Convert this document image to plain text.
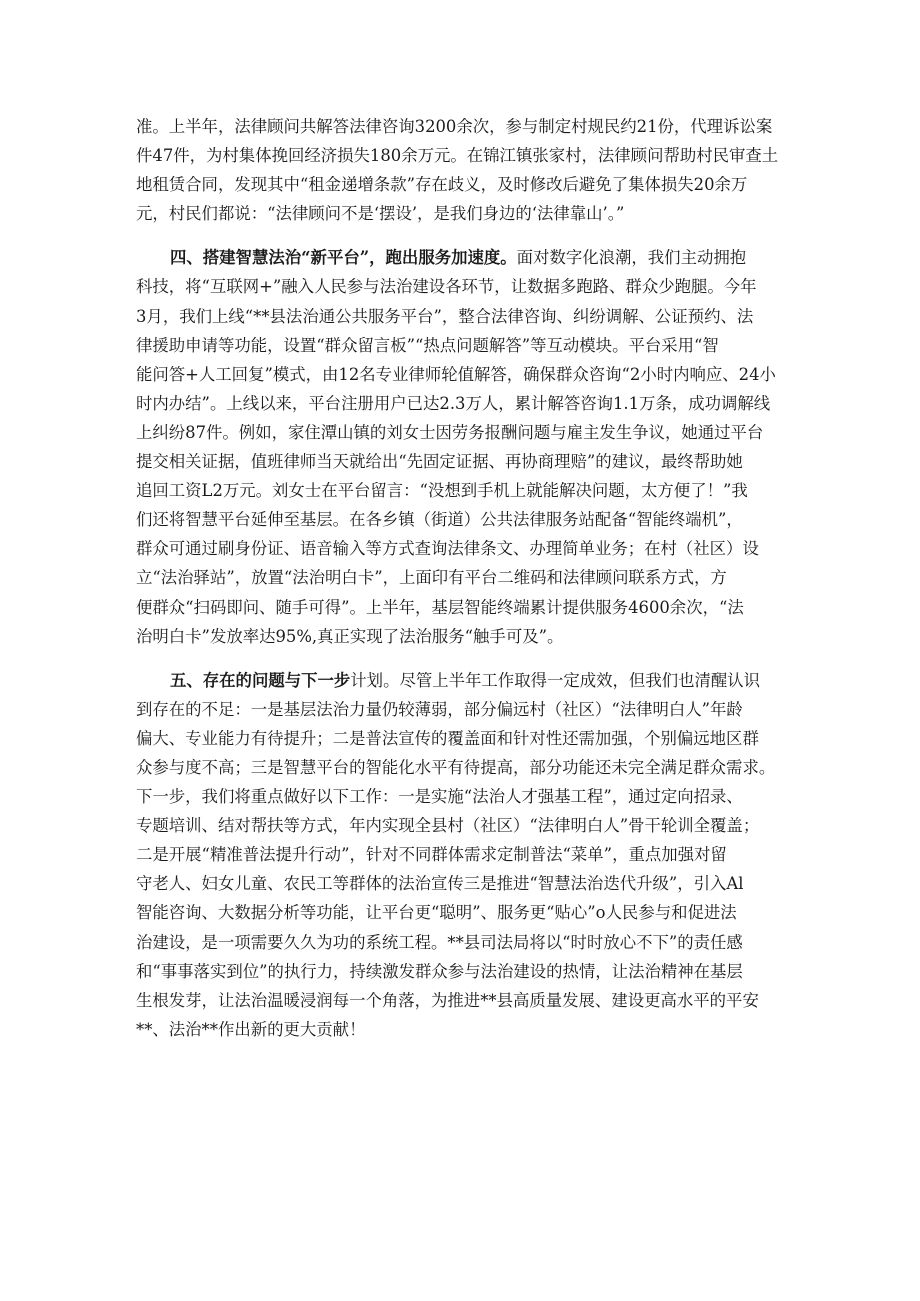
准。上半年，法律顾问共解答法律咨询3200余次，参与制定村规民约21份，代理诉讼案
件47件，为村集体挽回经济损失180余万元。在锦江镇张家村，法律顾问帮助村民审查土
地租赁合同，发现其中“租金递增条款”存在歧义，及时修改后避免了集体损失20余万
元，村民们都说：“法律顾问不是‘摆设’，是我们身边的‘法律靠山’。”

四、搭建智慧法治“新平台”，跑出服务加速度。面对数字化浪潮，我们主动拥抱
科技，将“互联网+”融入人民参与法治建设各环节，让数据多跑路、群众少跑腿。今年
3月，我们上线“**县法治通公共服务平台”，整合法律咨询、纠纷调解、公证预约、法
律援助申请等功能，设置“群众留言板”“热点问题解答”等互动模块。平台采用“智
能问答+人工回复”模式，由12名专业律师轮值解答，确保群众咨询“2小时内响应、24小
时内办结”。上线以来，平台注册用户已达2.3万人，累计解答咨询1.1万条，成功调解线
上纠纷87件。例如，家住潭山镇的刘女士因劳务报酬问题与雇主发生争议，她通过平台
提交相关证据，值班律师当天就给出“先固定证据、再协商理赔”的建议，最终帮助她
追回工资L2万元。刘女士在平台留言：“没想到手机上就能解决问题，太方便了！”我
们还将智慧平台延伸至基层。在各乡镇（街道）公共法律服务站配备“智能终端机”，
群众可通过刷身份证、语音输入等方式查询法律条文、办理简单业务；在村（社区）设
立“法治驿站”，放置“法治明白卡”，上面印有平台二维码和法律顾问联系方式，方
便群众“扫码即问、随手可得”。上半年，基层智能终端累计提供服务4600余次，“法
治明白卡”发放率达95%,真正实现了法治服务“触手可及”。

五、存在的问题与下一步计划。尽管上半年工作取得一定成效，但我们也清醒认识
到存在的不足：一是基层法治力量仍较薄弱，部分偏远村（社区）“法律明白人”年龄
偏大、专业能力有待提升；二是普法宣传的覆盖面和针对性还需加强，个别偏远地区群
众参与度不高；三是智慧平台的智能化水平有待提高，部分功能还未完全满足群众需求。
下一步，我们将重点做好以下工作：一是实施“法治人才强基工程”，通过定向招录、
专题培训、结对帮扶等方式，年内实现全县村（社区）“法律明白人”骨干轮训全覆盖；
二是开展“精准普法提升行动”，针对不同群体需求定制普法“菜单”，重点加强对留
守老人、妇女儿童、农民工等群体的法治宣传三是推进“智慧法治迭代升级”，引入Al
智能咨询、大数据分析等功能，让平台更“聪明”、服务更“贴心”o人民参与和促进法
治建设，是一项需要久久为功的系统工程。**县司法局将以“时时放心不下”的责任感
和“事事落实到位”的执行力，持续激发群众参与法治建设的热情，让法治精神在基层
生根发芽，让法治温暖浸润每一个角落，为推进**县高质量发展、建设更高水平的平安
**、法治**作出新的更大贡献！
